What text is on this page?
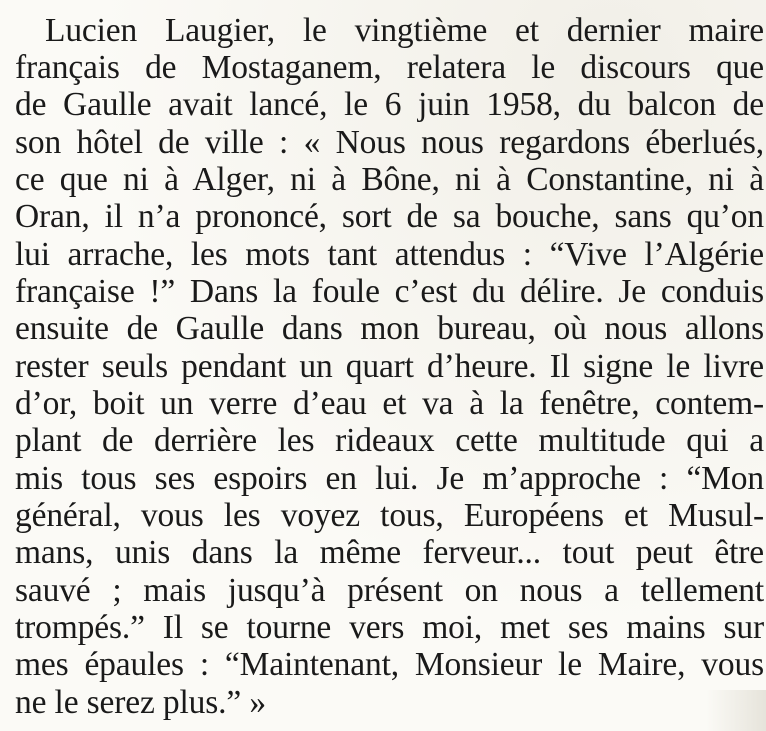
Lucien Laugier, le vingtième et dernier maire
français de Mostaganem, relatera le discours que
de Gaulle avait lancé, le 6 juin 1958, du balcon de
son hôtel de ville : « Nous nous regardons éberlués,
ce que ni à Alger, ni à Bône, ni à Constantine, ni à
Oran, il n’a prononcé, sort de sa bouche, sans qu’on
lui arrache, les mots tant attendus : “Vive l’Algérie
française !” Dans la foule c’est du délire. Je conduis
ensuite de Gaulle dans mon bureau, où nous allons
rester seuls pendant un quart d’heure. Il signe le livre
d’or, boit un verre d’eau et va à la fenêtre, contem-
plant de derrière les rideaux cette multitude qui a
mis tous ses espoirs en lui. Je m’approche : “Mon
général, vous les voyez tous, Européens et Musul-
mans, unis dans la même ferveur... tout peut être
sauvé ; mais jusqu’à présent on nous a tellement
trompés.” Il se tourne vers moi, met ses mains sur
mes épaules : “Maintenant, Monsieur le Maire, vous
ne le serez plus.” »
